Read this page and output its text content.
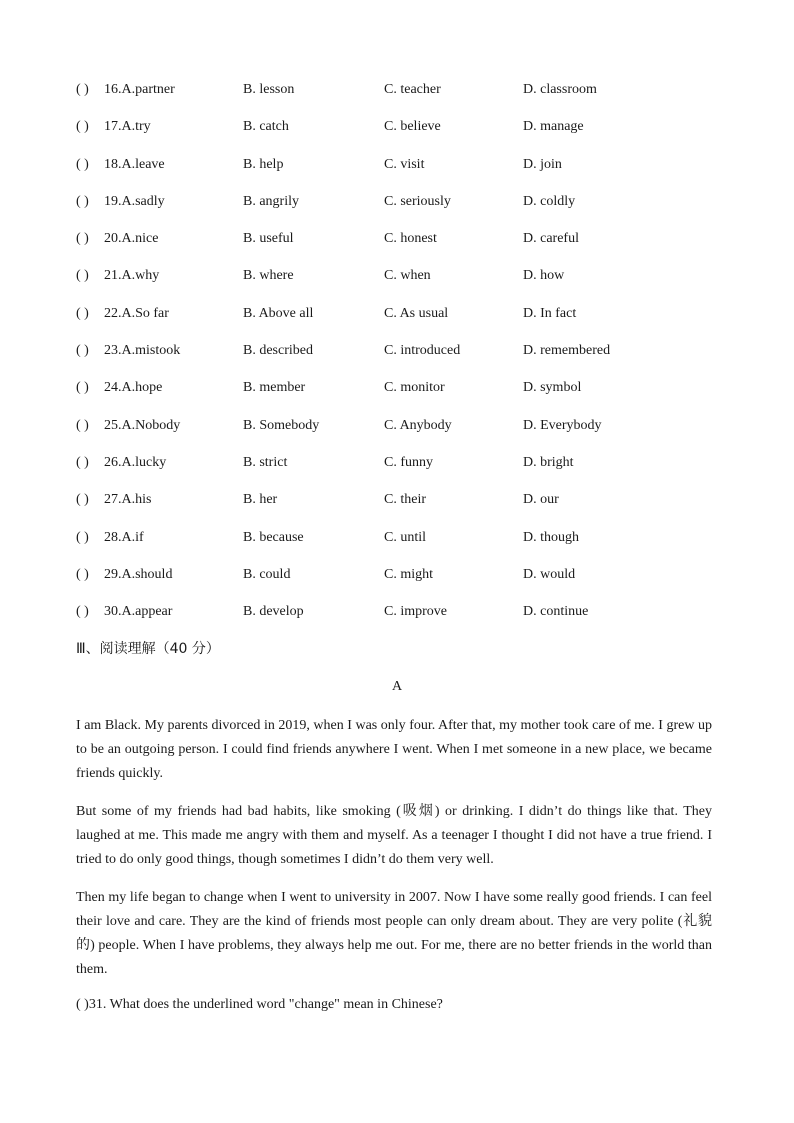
( ) 16.A.partner	B. lesson	C. teacher	D. classroom
( ) 17.A.try	B. catch	C. believe	D. manage
( ) 18.A.leave	B. help	C. visit	D. join
( ) 19.A.sadly	B. angrily	C. seriously	D. coldly
( ) 20.A.nice	B. useful	C. honest	D. careful
( ) 21.A.why	B. where	C. when	D. how
( ) 22.A.So far	B. Above all	C. As usual	D. In fact
( ) 23.A.mistook	B. described	C. introduced	D. remembered
( ) 24.A.hope	B. member	C. monitor	D. symbol
( ) 25.A.Nobody	B. Somebody	C. Anybody	D. Everybody
( ) 26.A.lucky	B. strict	C. funny	D. bright
( ) 27.A.his	B. her	C. their	D. our
( ) 28.A.if	B. because	C. until	D. though
( ) 29.A.should	B. could	C. might	D. would
( ) 30.A.appear	B. develop	C. improve	D. continue
Ⅲ、阅读理解（40 分）
A

I am Black. My parents divorced in 2019, when I was only four. After that, my mother took care of me. I grew up to be an outgoing person. I could find friends anywhere I went. When I met someone in a new place, we became friends quickly.

But some of my friends had bad habits, like smoking (吸烟) or drinking. I didn’t do things like that. They laughed at me. This made me angry with them and myself. As a teenager I thought I did not have a true friend. I tried to do only good things, though sometimes I didn’t do them very well.

Then my life began to change when I went to university in 2007. Now I have some really good friends. I can feel their love and care. They are the kind of friends most people can only dream about. They are very polite (礼貌的) people. When I have problems, they always help me out. For me, there are no better friends in the world than them.

( )31. What does the underlined word "change" mean in Chinese?
